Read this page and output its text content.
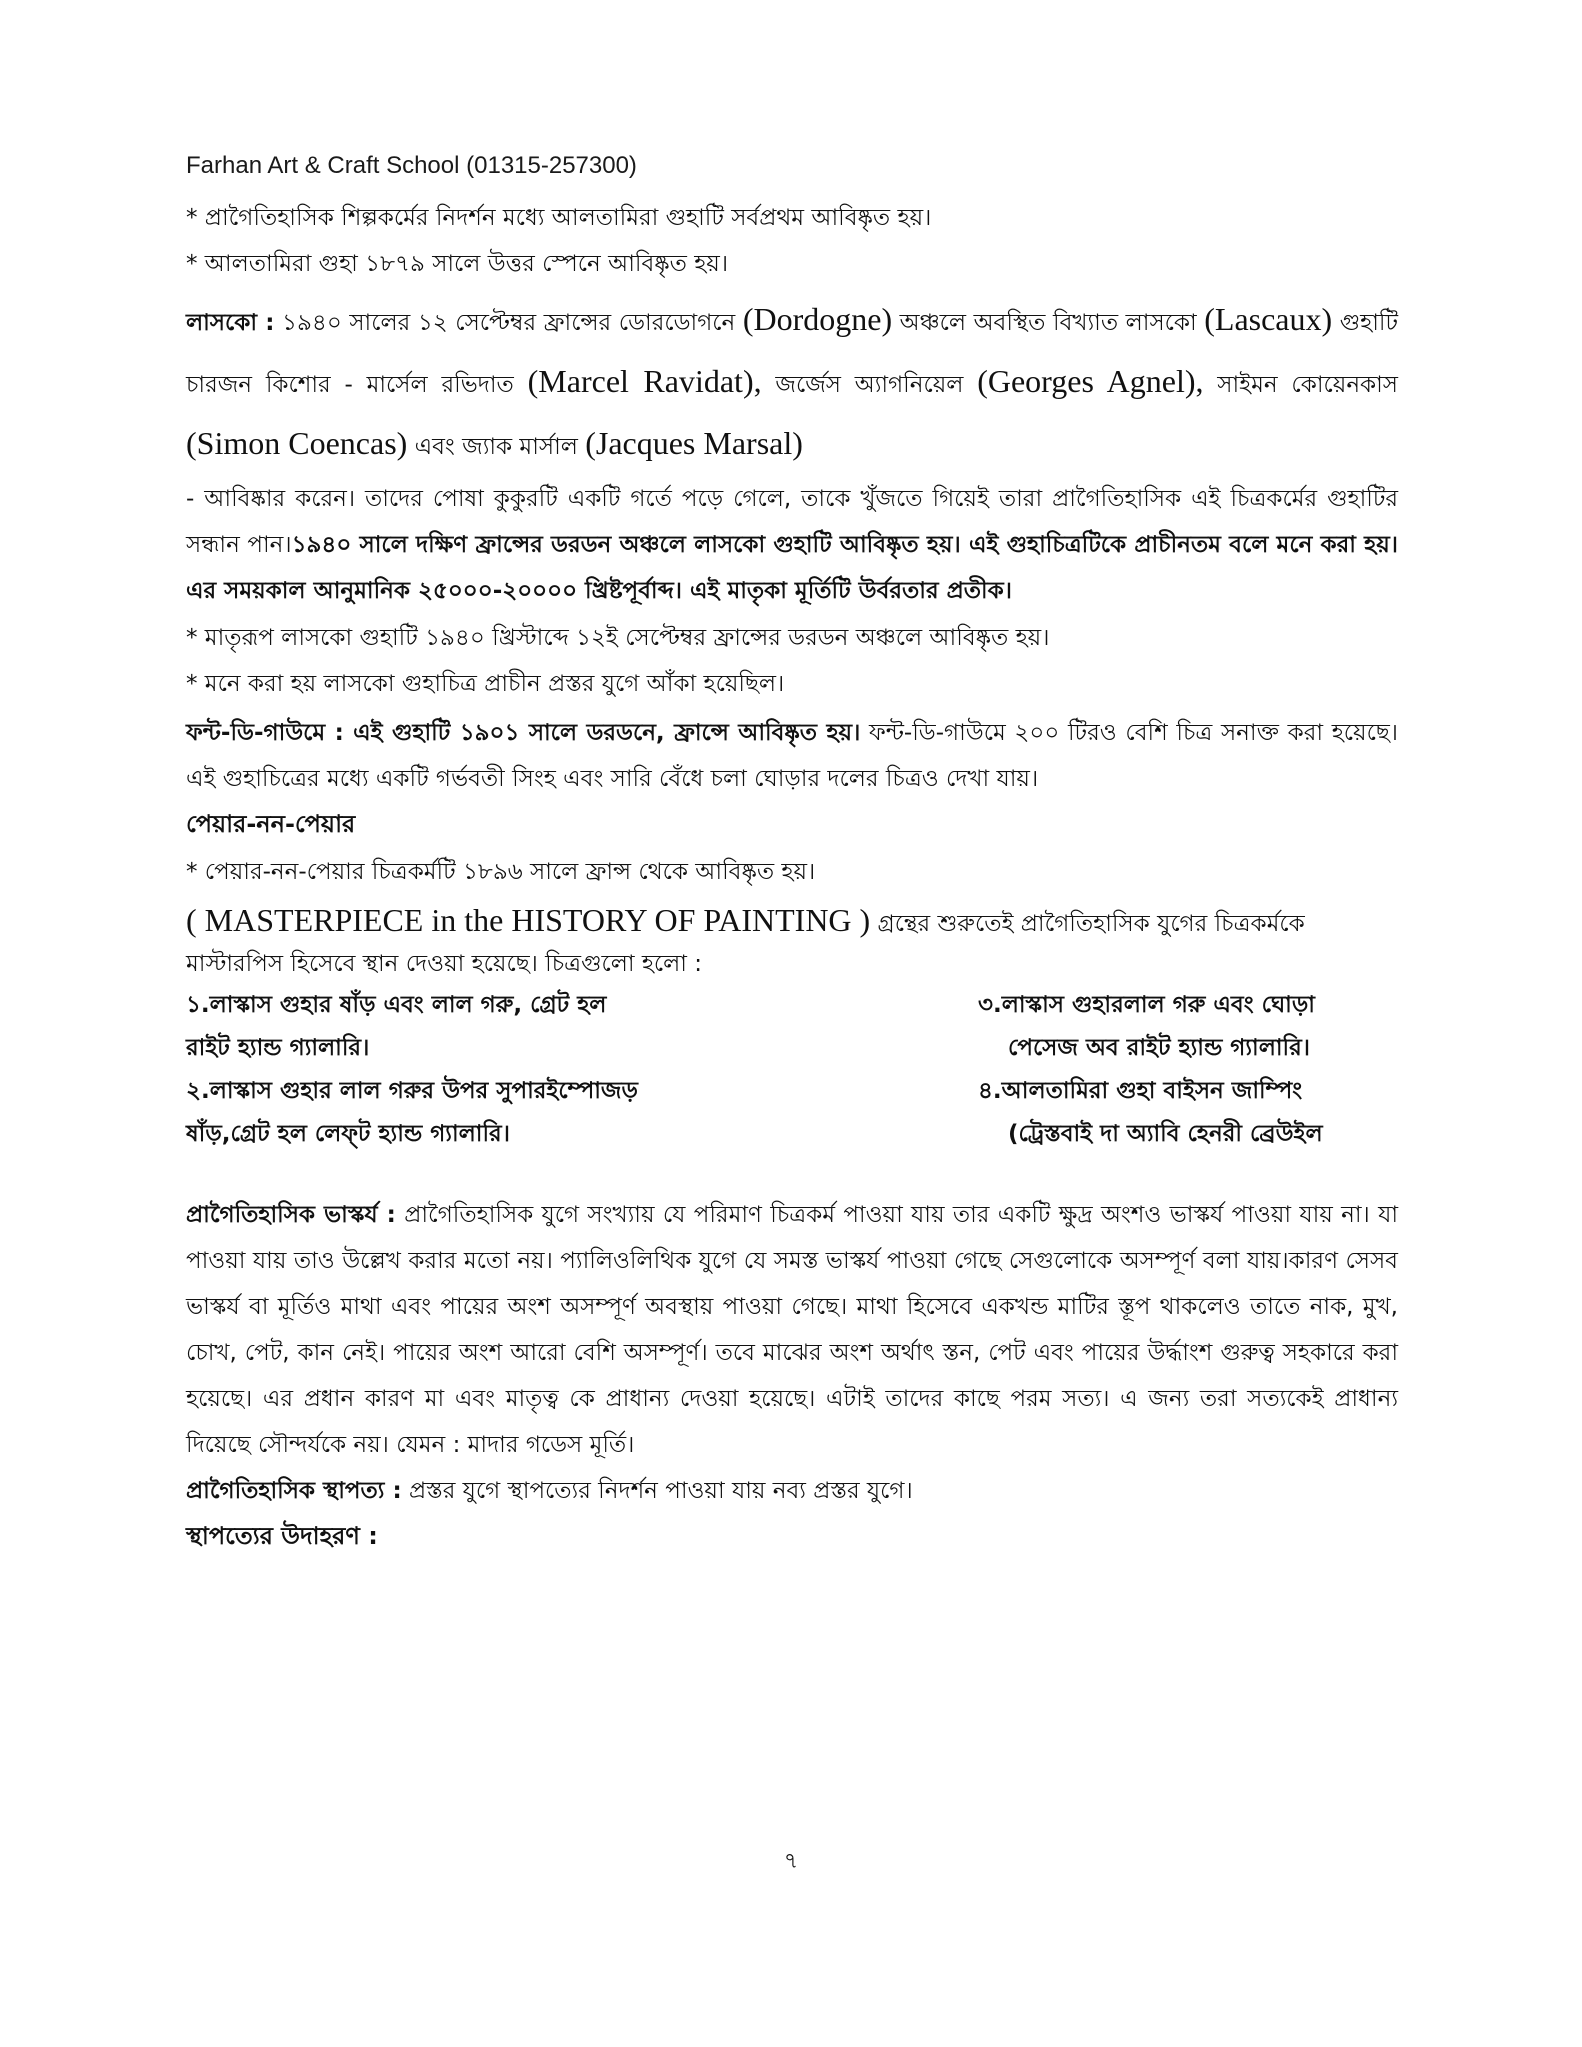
Farhan Art & Craft School (01315-257300)

* প্রাগৈতিহাসিক শিল্পকর্মের নিদর্শন মধ্যে আলতামিরা গুহাটি সর্বপ্রথম আবিষ্কৃত হয়।

* আলতামিরা গুহা ১৮৭৯ সালে উত্তর স্পেনে আবিষ্কৃত হয়।

লাসকো : ১৯৪০ সালের ১২ সেপ্টেম্বর ফ্রান্সের ডোরডোগনে (Dordogne) অঞ্চলে অবস্থিত বিখ্যাত লাসকো (Lascaux) গুহাটি চারজন কিশোর - মার্সেল রভিদাত (Marcel Ravidat), জর্জেস অ্যাগনিয়েল (Georges Agnel), সাইমন কোয়েনকাস (Simon Coencas) এবং জ্যাক মার্সাল (Jacques Marsal)

- আবিষ্কার করেন। তাদের পোষা কুকুরটি একটি গর্তে পড়ে গেলে, তাকে খুঁজতে গিয়েই তারা প্রাগৈতিহাসিক এই চিত্রকর্মের গুহাটির সন্ধান পান।১৯৪০ সালে দক্ষিণ ফ্রান্সের ডরডন অঞ্চলে লাসকো গুহাটি আবিষ্কৃত হয়। এই গুহাচিত্রটিকে প্রাচীনতম বলে মনে করা হয়। এর সময়কাল আনুমানিক ২৫০০০-২০০০০ খ্রিষ্টপূর্বাব্দ। এই মাতৃকা মূর্তিটি উর্বরতার প্রতীক।

* মাতৃরূপ লাসকো গুহাটি ১৯৪০ খ্রিস্টাব্দে ১২ই সেপ্টেম্বর ফ্রান্সের ডরডন অঞ্চলে আবিষ্কৃত হয়।

* মনে করা হয় লাসকো গুহাচিত্র প্রাচীন প্রস্তর যুগে আঁকা হয়েছিল।

ফন্ট-ডি-গাউমে : এই গুহাটি ১৯০১ সালে ডরডনে, ফ্রান্সে আবিষ্কৃত হয়। ফন্ট-ডি-গাউমে ২০০ টিরও বেশি চিত্র সনাক্ত করা হয়েছে। এই গুহাচিত্রের মধ্যে একটি গর্ভবতী সিংহ এবং সারি বেঁধে চলা ঘোড়ার দলের চিত্রও দেখা যায়।

পেয়ার-নন-পেয়ার

* পেয়ার-নন-পেয়ার চিত্রকর্মটি ১৮৯৬ সালে ফ্রান্স থেকে আবিষ্কৃত হয়।

( MASTERPIECE in the HISTORY OF PAINTING ) গ্রন্থের শুরুতেই প্রাগৈতিহাসিক যুগের চিত্রকর্মকে মাস্টারপিস হিসেবে স্থান দেওয়া হয়েছে। চিত্রগুলো হলো :

১.লাস্কাস গুহার ষাঁড় এবং লাল গরু, গ্রেট হল
রাইট হ্যান্ড গ্যালারি।
২.লাস্কাস গুহার লাল গরুর উপর সুপারইম্পোজড়
ষাঁড়,গ্রেট হল লেফ্‌ট হ্যান্ড গ্যালারি।
৩.লাস্কাস গুহারলাল গরু এবং ঘোড়া
পেসেজ অব রাইট হ্যান্ড গ্যালারি।
৪.আলতামিরা গুহা বাইসন জাম্পিং
(ট্রেস্তবাই দা অ্যাবি হেনরী ব্রেউইল

প্রাগৈতিহাসিক ভাস্কর্য : প্রাগৈতিহাসিক যুগে সংখ্যায় যে পরিমাণ চিত্রকর্ম পাওয়া যায় তার একটি ক্ষুদ্র অংশও ভাস্কর্য পাওয়া যায় না। যা পাওয়া যায় তাও উল্লেখ করার মতো নয়। প্যালিওলিথিক যুগে যে সমস্ত ভাস্কর্য পাওয়া গেছে সেগুলোকে অসম্পূর্ণ বলা যায়।কারণ সেসব ভাস্কর্য বা মূর্তিও মাথা এবং পায়ের অংশ অসম্পূর্ণ অবস্থায় পাওয়া গেছে। মাথা হিসেবে একখন্ড মাটির স্তূপ থাকলেও তাতে নাক, মুখ, চোখ, পেট, কান নেই। পায়ের অংশ আরো বেশি অসম্পূর্ণ। তবে মাঝের অংশ অর্থাৎ স্তন, পেট এবং পায়ের উর্দ্ধাংশ গুরুত্ব সহকারে করা হয়েছে। এর প্রধান কারণ মা এবং মাতৃত্ব কে প্রাধান্য দেওয়া হয়েছে। এটাই তাদের কাছে পরম সত্য। এ জন্য তরা সত্যকেই প্রাধান্য দিয়েছে সৌন্দর্যকে নয়। যেমন : মাদার গডেস মূর্তি।

প্রাগৈতিহাসিক স্থাপত্য : প্রস্তর যুগে স্থাপত্যের নিদর্শন পাওয়া যায় নব্য প্রস্তর যুগে।

স্থাপত্যের উদাহরণ :

৭
